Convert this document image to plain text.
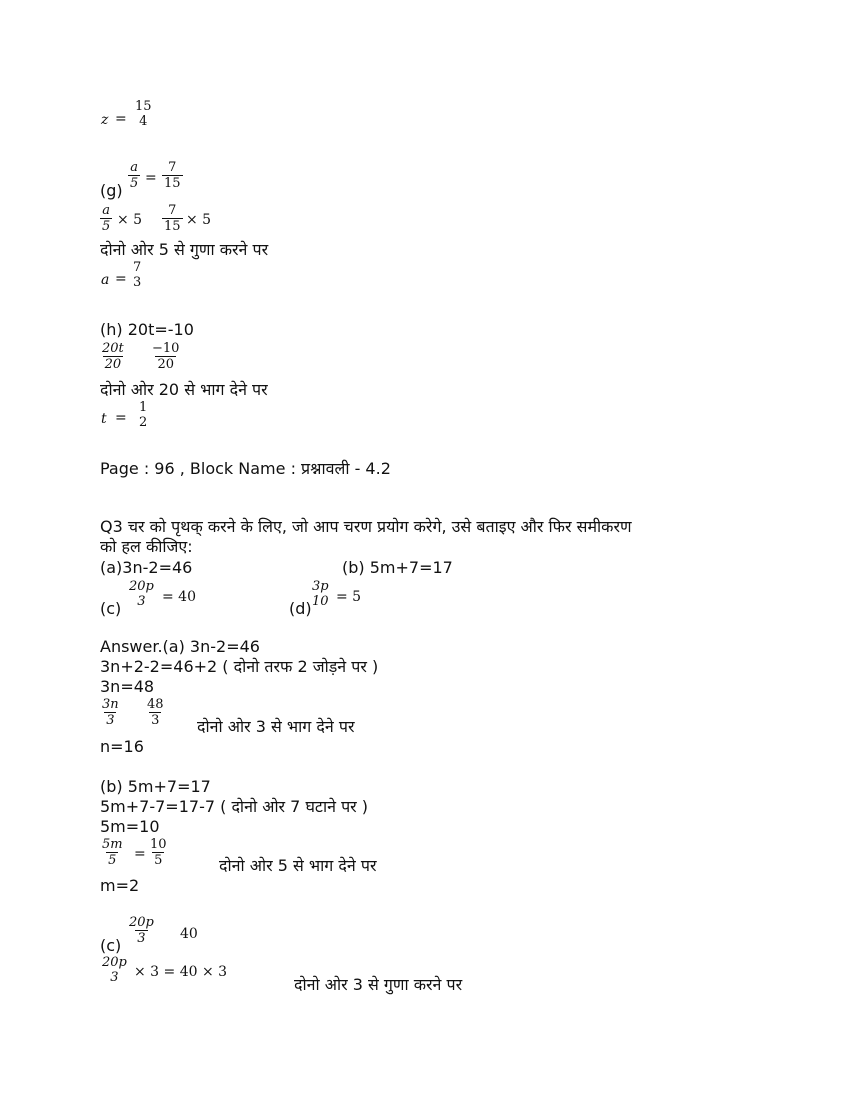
z =
15
4
$(g) \frac{a}{5} = \frac{7}{15}$
$\frac{a}{5} \times 5 \frac{7}{15} \times 5$
दोनो ओर 5 से गुणा करने पर
a =
7
3
(h) 20t=-10
$\frac{20t}{20} \frac{-10}{20}$
दोनो ओर 20 से भाग देने पर
t =
1
2
Page : 96 , Block Name : प्रश्नावली - 4.2
Q3 चर को पृथक् करने के लिए, जो आप चरण प्रयोग करेगे, उसे बताइए और फिर समीकरण
को हल कीजिए:
(a)3n-2=46	(b) 5m+7=17
(c)
20p
3 = 40
(d)
3p
10 = 5
Answer.(a) 3n-2=46
3n+2-2=46+2 ( दोनो तरफ 2 जोड़ने पर )
3n=48
$\frac{3n}{3} \frac{48}{3}$ दोनो ओर 3 से भाग देने पर
n=16
(b) 5m+7=17
5m+7-7=17-7 ( दोनो ओर 7 घटाने पर )
5m=10
$\frac{5m}{5} = \frac{10}{5}$	दोनो ओर 5 से भाग देने पर
m=2
$(c) \frac{20p}{3} 40$
20p
3 × 3 = 40 × 3
दोनो ओर 3 से गुणा करने पर
